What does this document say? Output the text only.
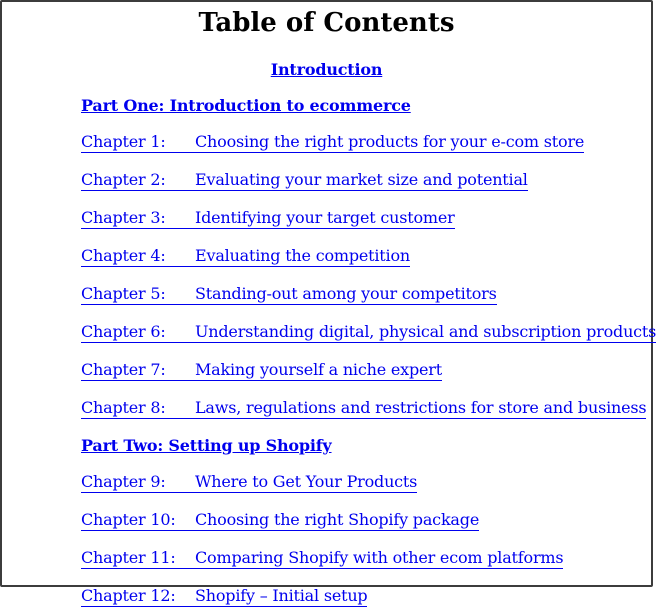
Table of Contents
Introduction
Part One: Introduction to ecommerce
Chapter 1:	Choosing the right products for your e-com store
Chapter 2:	Evaluating your market size and potential
Chapter 3:	Identifying your target customer
Chapter 4:	Evaluating the competition
Chapter 5:	Standing-out among your competitors
Chapter 6:	Understanding digital, physical and subscription products
Chapter 7:	Making yourself a niche expert
Chapter 8:	Laws, regulations and restrictions for store and business
Part Two: Setting up Shopify
Chapter 9:	Where to Get Your Products
Chapter 10:	Choosing the right Shopify package
Chapter 11:	Comparing Shopify with other ecom platforms
Chapter 12:	Shopify – Initial setup
